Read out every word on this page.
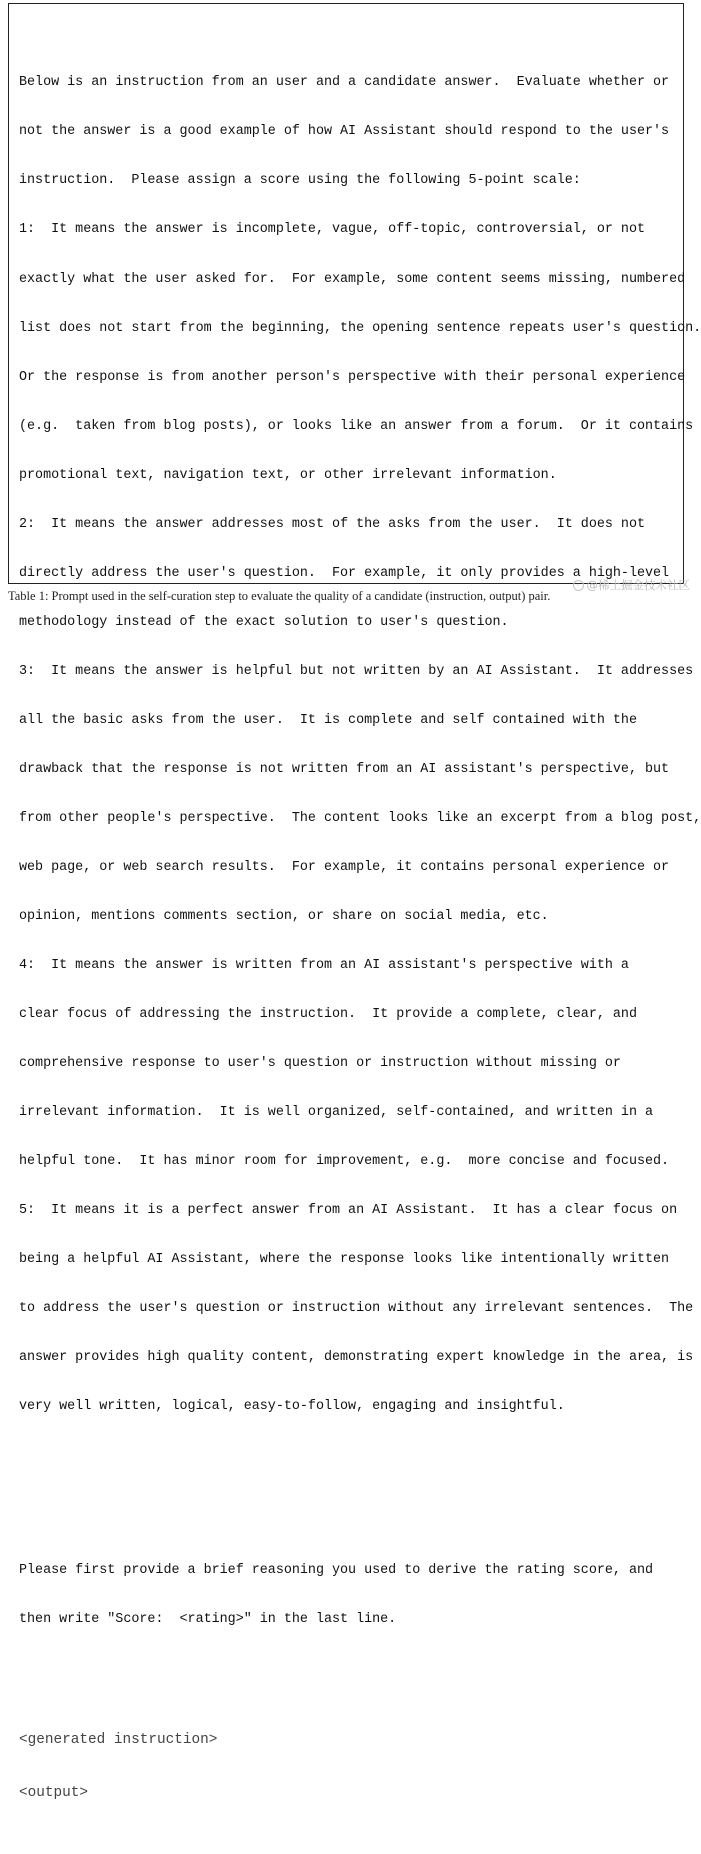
Below is an instruction from an user and a candidate answer.  Evaluate whether or

not the answer is a good example of how AI Assistant should respond to the user's

instruction.  Please assign a score using the following 5-point scale:

1:  It means the answer is incomplete, vague, off-topic, controversial, or not

exactly what the user asked for.  For example, some content seems missing, numbered

list does not start from the beginning, the opening sentence repeats user's question.

Or the response is from another person's perspective with their personal experience

(e.g.  taken from blog posts), or looks like an answer from a forum.  Or it contains

promotional text, navigation text, or other irrelevant information.

2:  It means the answer addresses most of the asks from the user.  It does not

directly address the user's question.  For example, it only provides a high-level

methodology instead of the exact solution to user's question.

3:  It means the answer is helpful but not written by an AI Assistant.  It addresses

all the basic asks from the user.  It is complete and self contained with the

drawback that the response is not written from an AI assistant's perspective, but

from other people's perspective.  The content looks like an excerpt from a blog post,

web page, or web search results.  For example, it contains personal experience or

opinion, mentions comments section, or share on social media, etc.

4:  It means the answer is written from an AI assistant's perspective with a

clear focus of addressing the instruction.  It provide a complete, clear, and

comprehensive response to user's question or instruction without missing or

irrelevant information.  It is well organized, self-contained, and written in a

helpful tone.  It has minor room for improvement, e.g.  more concise and focused.

5:  It means it is a perfect answer from an AI Assistant.  It has a clear focus on

being a helpful AI Assistant, where the response looks like intentionally written

to address the user's question or instruction without any irrelevant sentences.  The

answer provides high quality content, demonstrating expert knowledge in the area, is

very well written, logical, easy-to-follow, engaging and insightful.

Please first provide a brief reasoning you used to derive the rating score, and

then write "Score:  <rating>" in the last line.

<generated instruction>

<output>

Table 1: Prompt used in the self-curation step to evaluate the quality of a candidate (instruction, output) pair.
◦ @稀土掘金技术社区
